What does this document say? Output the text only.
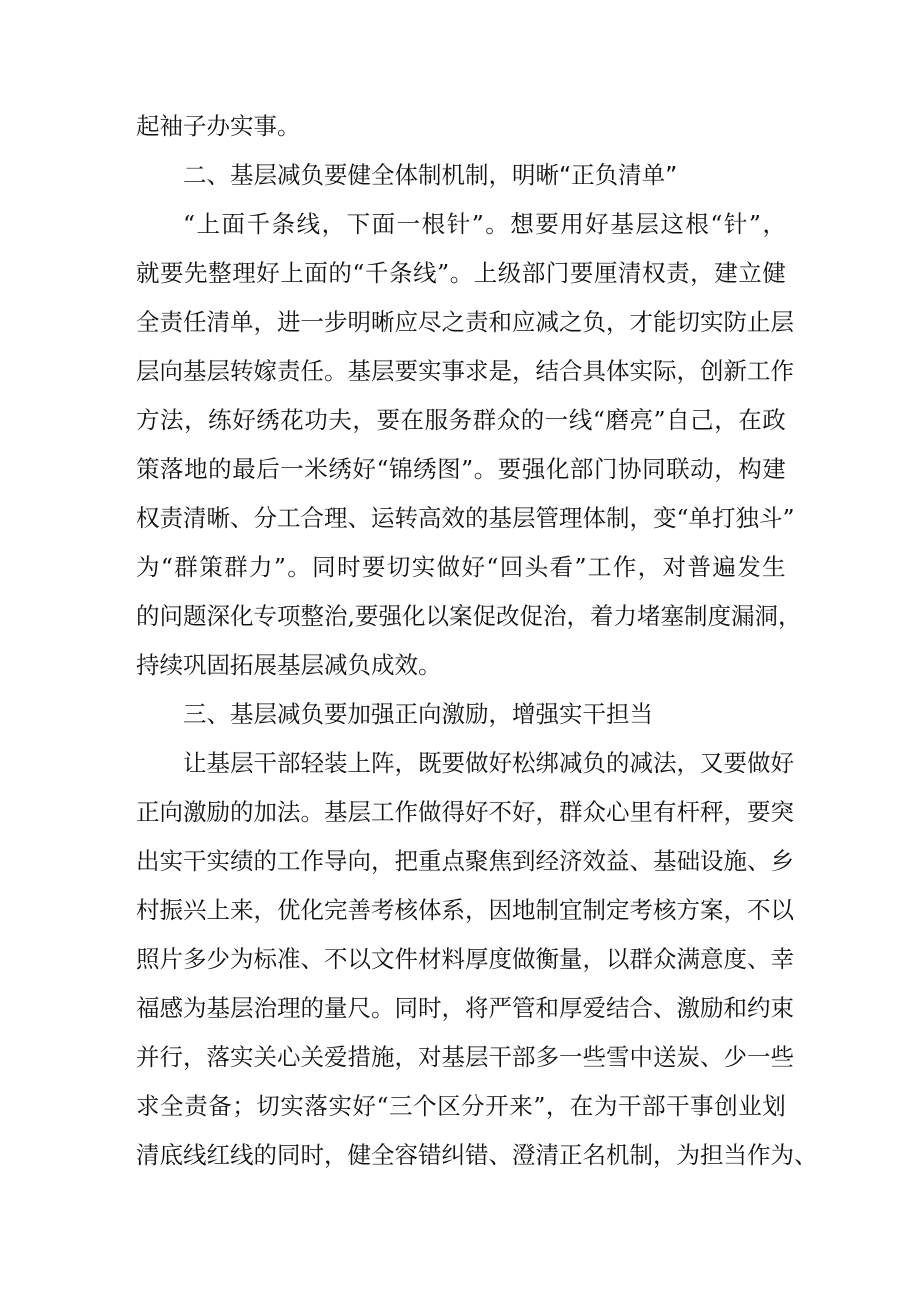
起袖子办实事。
二、基层减负要健全体制机制，明晰“正负清单”
“ 上 面 千 条 线 ， 下 面 一 根 针 ” 。 想 要 用 好 基 层 这 根 “ 针 ” ，
就 要 先 整 理 好 上 面 的 “ 千 条 线 ” 。 上 级 部 门 要 厘 清 权 责 ， 建 立 健
全 责 任 清 单 ， 进 一 步 明 晰 应 尽 之 责 和 应 减 之 负 ， 才 能 切 实 防 止 层
层 向 基 层 转 嫁 责 任 。 基 层 要 实 事 求 是 ， 结 合 具 体 实 际 ， 创 新 工 作
方 法 ， 练 好 绣 花 功 夫 ， 要 在 服 务 群 众 的 一 线 “ 磨 亮 ” 自 己 ， 在 政
策 落 地 的 最 后 一 米 绣 好 “ 锦 绣 图 ” 。 要 强 化 部 门 协 同 联 动 ， 构 建
权 责 清 晰 、 分 工 合 理 、 运 转 高 效 的 基 层 管 理 体 制 ， 变 “ 单 打 独 斗 ”
为 “ 群 策 群 力 ” 。 同 时 要 切 实 做 好 “ 回 头 看 ” 工 作 ， 对 普 遍 发 生
的 问 题 深 化 专 项 整 治 , 要 强 化 以 案 促 改 促 治 ， 着 力 堵 塞 制 度 漏 洞 ，
持续巩固拓展基层减负成效。
三、基层减负要加强正向激励，增强实干担当
让 基 层 干 部 轻 装 上 阵 ， 既 要 做 好 松 绑 减 负 的 减 法 ， 又 要 做 好
正 向 激 励 的 加 法 。 基 层 工 作 做 得 好 不 好 ， 群 众 心 里 有 杆 秤 ， 要 突
出 实 干 实 绩 的 工 作 导 向 ， 把 重 点 聚 焦 到 经 济 效 益 、 基 础 设 施 、 乡
村 振 兴 上 来 ， 优 化 完 善 考 核 体 系 ， 因 地 制 宜 制 定 考 核 方 案 ， 不 以
照 片 多 少 为 标 准 、 不 以 文 件 材 料 厚 度 做 衡 量 ， 以 群 众 满 意 度 、 幸
福 感 为 基 层 治 理 的 量 尺 。 同 时 ， 将 严 管 和 厚 爱 结 合 、 激 励 和 约 束
并 行 ， 落 实 关 心 关 爱 措 施 ， 对 基 层 干 部 多 一 些 雪 中 送 炭 、 少 一 些
求 全 责 备 ； 切 实 落 实 好 “ 三 个 区 分 开 来 ” ， 在 为 干 部 干 事 创 业 划
清 底 线 红 线 的 同 时 ， 健 全 容 错 纠 错 、 澄 清 正 名 机 制 ， 为 担 当 作 为 、
